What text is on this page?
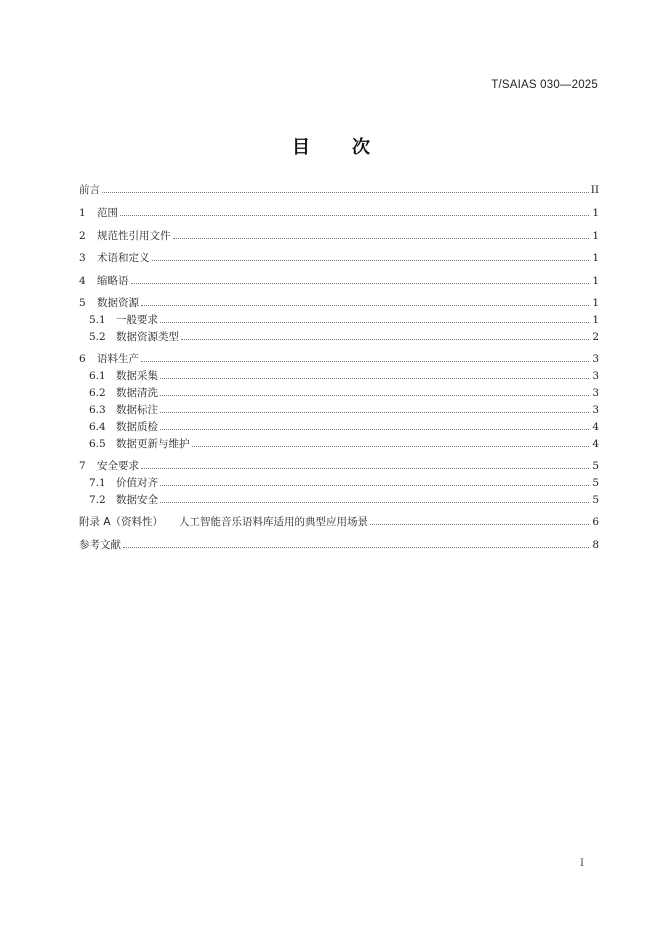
T/SAIAS 030—2025
目 次
前言	II
1	范围	1
2	规范性引用文件	1
3	术语和定义	1
4	缩略语	1
5	数据资源	1
5.1 一般要求	1
5.2 数据资源类型	2
6	语料生产	3
6.1 数据采集	3
6.2 数据清洗	3
6.3 数据标注	3
6.4 数据质检	4
6.5 数据更新与维护	4
7	安全要求	5
7.1 价值对齐	5
7.2 数据安全	5
附录 A（资料性） 人工智能音乐语料库适用的典型应用场景	6
参考文献	8
I
